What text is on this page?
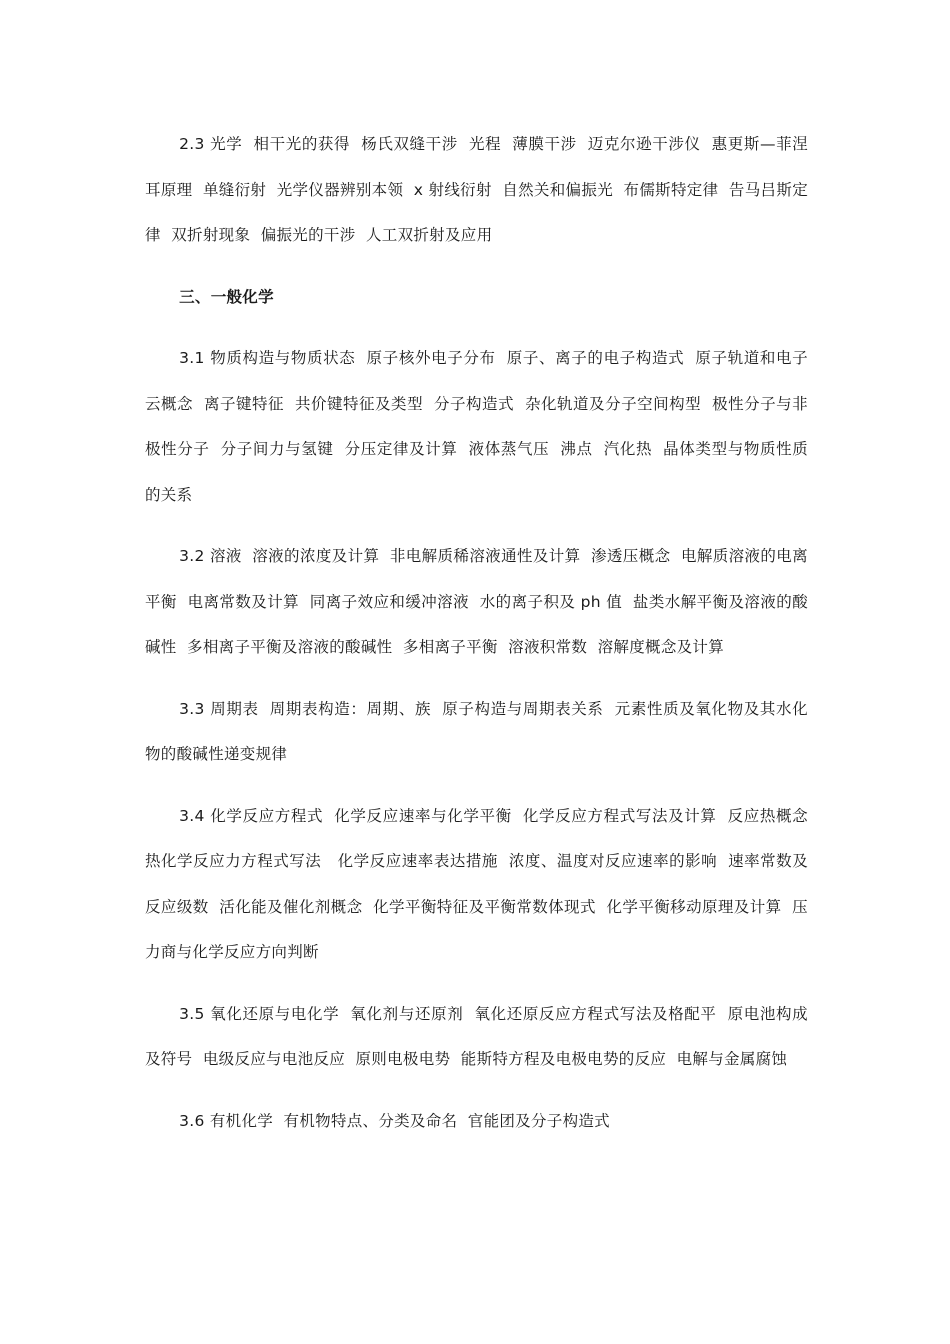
2.3 光学  相干光的获得  杨氏双缝干涉  光程  薄膜干涉  迈克尔逊干涉仪  惠更斯—菲涅耳原理  单缝衍射  光学仪器辨别本领  x 射线衍射  自然关和偏振光  布儒斯特定律  告马吕斯定律  双折射现象  偏振光的干涉  人工双折射及应用

三、一般化学

3.1 物质构造与物质状态  原子核外电子分布  原子、离子的电子构造式  原子轨道和电子云概念  离子键特征  共价键特征及类型  分子构造式  杂化轨道及分子空间构型  极性分子与非极性分子  分子间力与氢键  分压定律及计算  液体蒸气压  沸点  汽化热  晶体类型与物质性质的关系

3.2 溶液  溶液的浓度及计算  非电解质稀溶液通性及计算  渗透压概念  电解质溶液的电离平衡  电离常数及计算  同离子效应和缓冲溶液  水的离子积及 ph 值  盐类水解平衡及溶液的酸碱性  多相离子平衡及溶液的酸碱性  多相离子平衡  溶液积常数  溶解度概念及计算

3.3 周期表  周期表构造：周期、族  原子构造与周期表关系  元素性质及氧化物及其水化物的酸碱性递变规律

3.4 化学反应方程式  化学反应速率与化学平衡  化学反应方程式写法及计算  反应热概念  热化学反应力方程式写法   化学反应速率表达措施  浓度、温度对反应速率的影响  速率常数及反应级数  活化能及催化剂概念  化学平衡特征及平衡常数体现式  化学平衡移动原理及计算  压力商与化学反应方向判断

3.5 氧化还原与电化学  氧化剂与还原剂  氧化还原反应方程式写法及格配平  原电池构成及符号  电级反应与电池反应  原则电极电势  能斯特方程及电极电势的反应  电解与金属腐蚀

3.6 有机化学  有机物特点、分类及命名  官能团及分子构造式
